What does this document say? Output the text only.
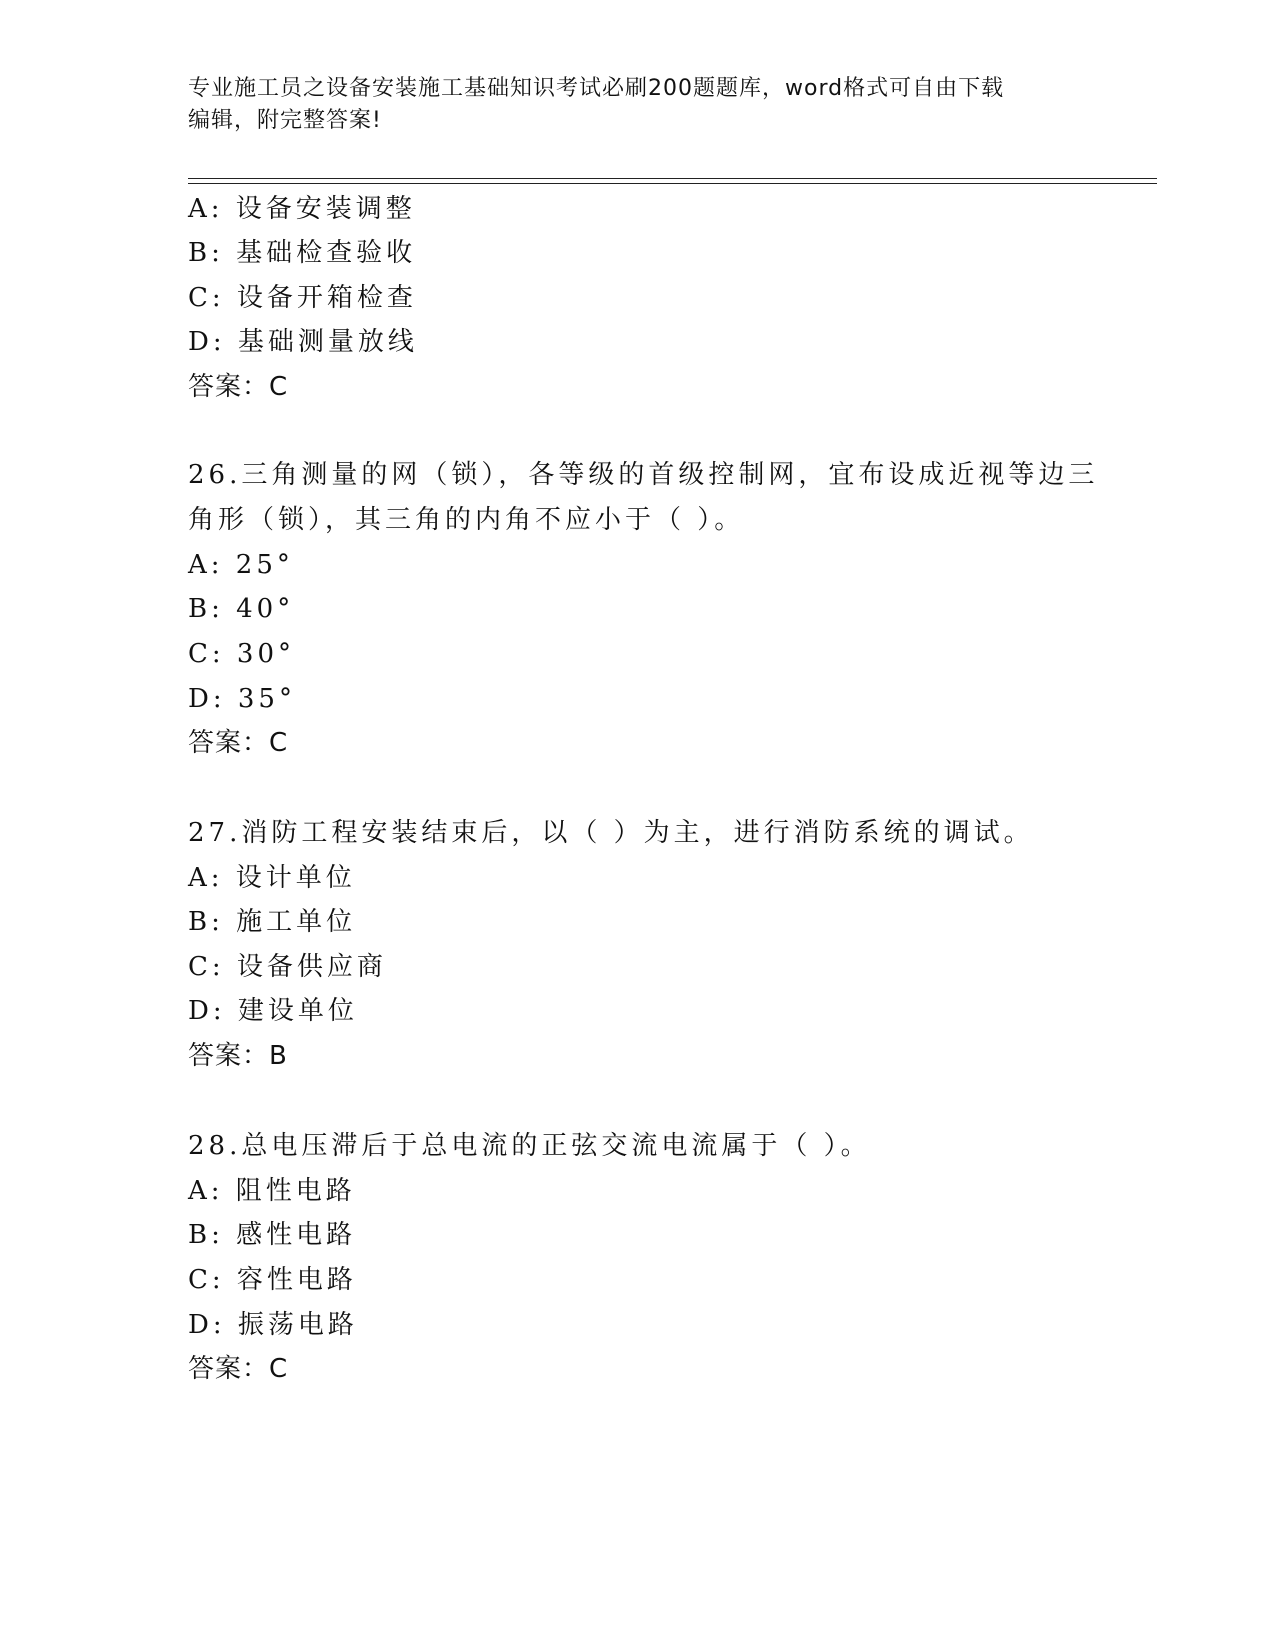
专业施工员之设备安装施工基础知识考试必刷200题题库，word格式可自由下载
编辑，附完整答案!
A: 设备安装调整
B: 基础检查验收
C: 设备开箱检查
D: 基础测量放线
答案：C
26.三角测量的网（锁），各等级的首级控制网，宜布设成近视等边三
角形（锁），其三角的内角不应小于（ ）。
A: 25°
B: 40°
C: 30°
D: 35°
答案：C
27.消防工程安装结束后，以（ ）为主，进行消防系统的调试。
A: 设计单位
B: 施工单位
C: 设备供应商
D: 建设单位
答案：B
28.总电压滞后于总电流的正弦交流电流属于（ ）。
A: 阻性电路
B: 感性电路
C: 容性电路
D: 振荡电路
答案：C
